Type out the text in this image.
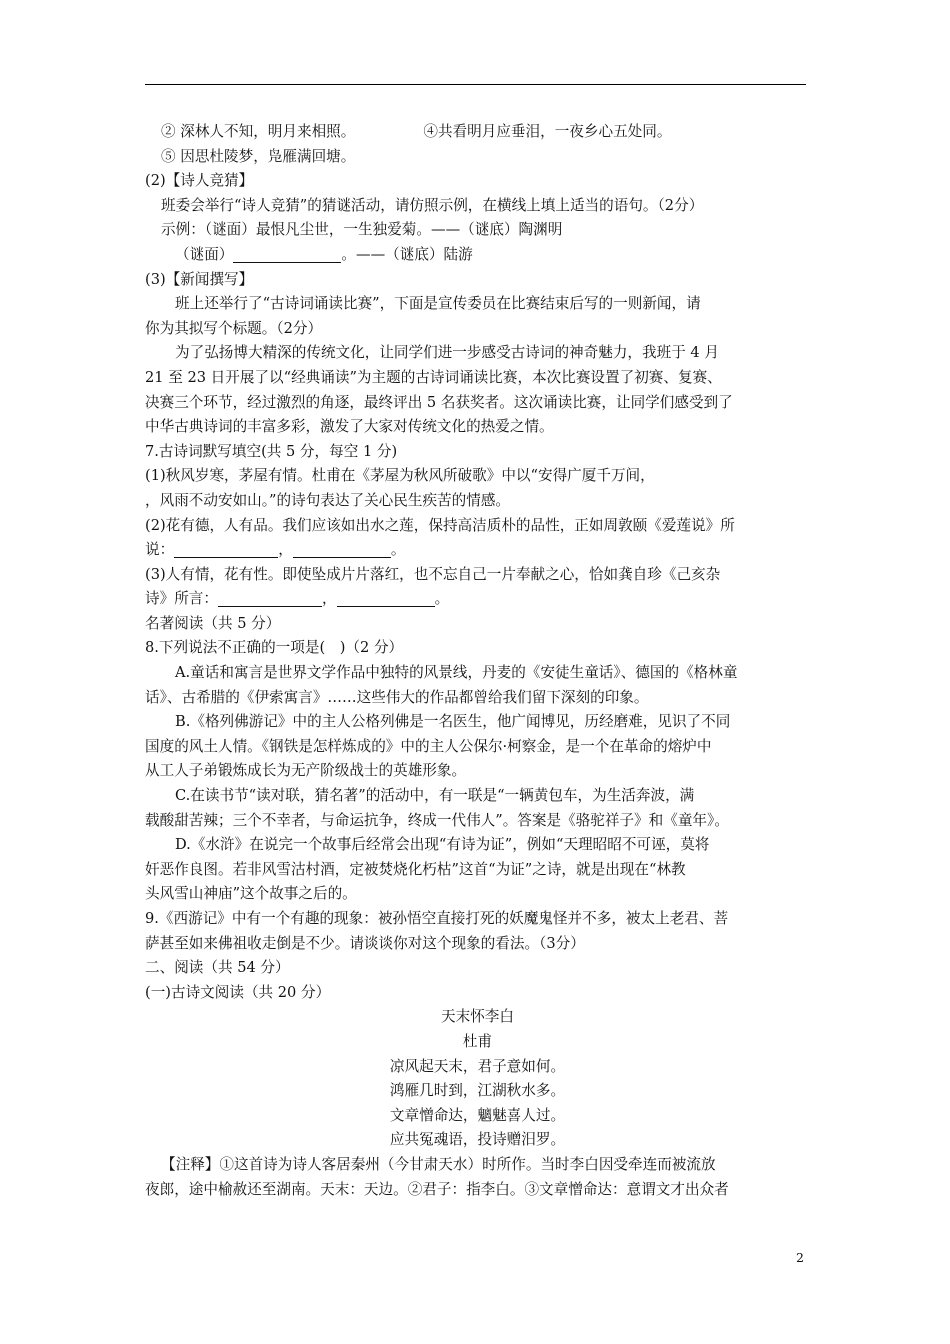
② 深林人不知，明月来相照。	④共看明月应垂泪，一夜乡心五处同。
⑤ 因思杜陵梦，凫雁满回塘。
(2)【诗人竞猜】
班委会举行“诗人竞猜”的猜谜活动，请仿照示例，在横线上填上适当的语句。（2分）
示例：（谜面）最恨凡尘世，一生独爱菊。——（谜底）陶渊明
（谜面）	。——（谜底）陆游
(3)【新闻撰写】
班上还举行了“古诗词诵读比赛”，下面是宣传委员在比赛结束后写的一则新闻，请
你为其拟写个标题。（2分）
为了弘扬博大精深的传统文化，让同学们进一步感受古诗词的神奇魅力，我班于 4 月
21 至 23 日开展了以“经典诵读”为主题的古诗词诵读比赛，本次比赛设置了初赛、复赛、
决赛三个环节，经过激烈的角逐，最终评出 5 名获奖者。这次诵读比赛，让同学们感受到了
中华古典诗词的丰富多彩，激发了大家对传统文化的热爱之情。
7.古诗词默写填空(共 5 分，每空 1 分)
(1)秋风岁寒，茅屋有情。杜甫在《茅屋为秋风所破歌》中以“安得广厦千万间，
，风雨不动安如山。”的诗句表达了关心民生疾苦的情感。
(2)花有德，人有品。我们应该如出水之莲，保持高洁质朴的品性，正如周敦颐《爱莲说》所
说：	，	。
(3)人有情，花有性。即使坠成片片落红，也不忘自己一片奉献之心，恰如龚自珍《己亥杂
诗》所言：	，	。
名著阅读（共 5 分）
8.下列说法不正确的一项是(　)（2 分）
A.童话和寓言是世界文学作品中独特的风景线，丹麦的《安徒生童话》、德国的《格林童
话》、古希腊的《伊索寓言》……这些伟大的作品都曾给我们留下深刻的印象。
B.《格列佛游记》中的主人公格列佛是一名医生，他广闻博见，历经磨难，见识了不同
国度的风土人情。《钢铁是怎样炼成的》中的主人公保尔·柯察金，是一个在革命的熔炉中
从工人子弟锻炼成长为无产阶级战士的英雄形象。
C.在读书节“读对联，猜名著”的活动中，有一联是“一辆黄包车，为生活奔波，满
载酸甜苦辣；三个不幸者，与命运抗争，终成一代伟人”。答案是《骆驼祥子》和《童年》。
D.《水浒》在说完一个故事后经常会出现“有诗为证”，例如“天理昭昭不可诬，莫将
奸恶作良图。若非风雪沽村酒，定被焚烧化朽枯”这首“为证”之诗，就是出现在“林教
头风雪山神庙”这个故事之后的。
9.《西游记》中有一个有趣的现象：被孙悟空直接打死的妖魔鬼怪并不多，被太上老君、菩
萨甚至如来佛祖收走倒是不少。请谈谈你对这个现象的看法。（3分）
二、阅读（共 54 分）
(一)古诗文阅读（共 20 分）
天末怀李白
杜甫
凉风起天末，君子意如何。
鸿雁几时到，江湖秋水多。
文章憎命达，魑魅喜人过。
应共冤魂语，投诗赠汨罗。
【注释】①这首诗为诗人客居秦州（今甘肃天水）时所作。当时李白因受牵连而被流放
夜郎，途中榆赦还至湖南。天末：天边。②君子：指李白。③文章憎命达：意谓文才出众者
2
